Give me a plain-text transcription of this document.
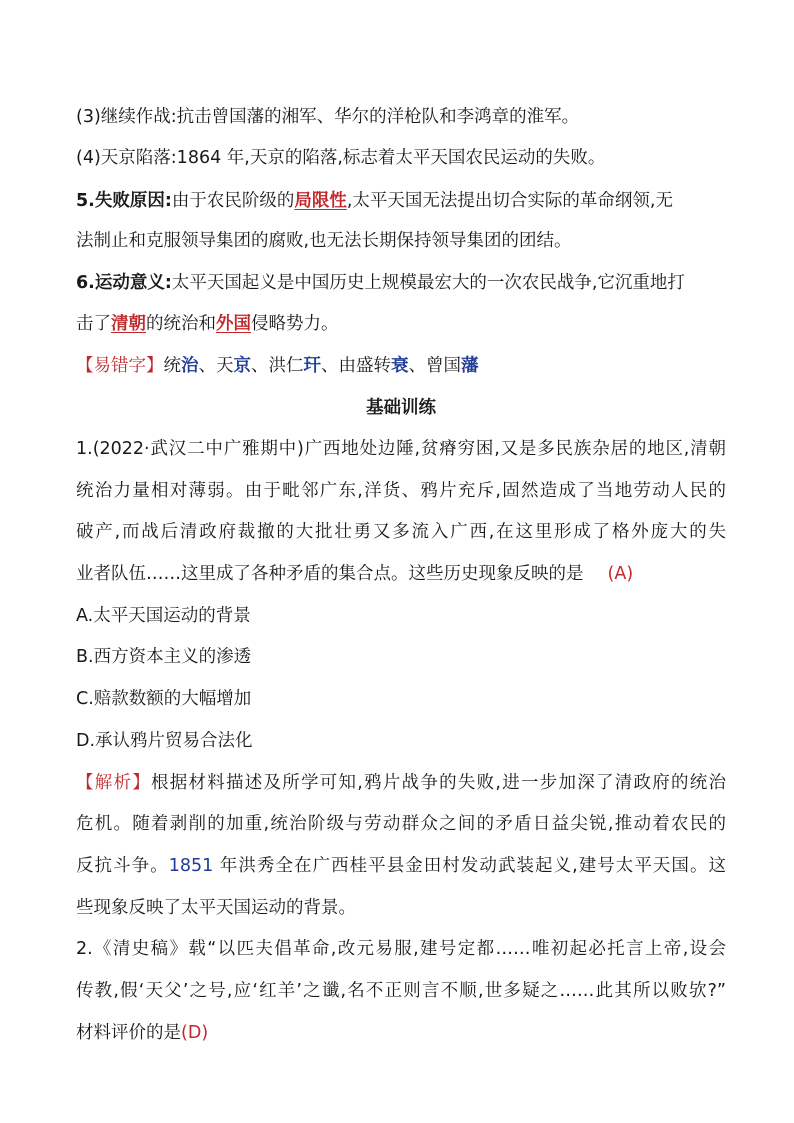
(3)继续作战:抗击曾国藩的湘军、华尔的洋枪队和李鸿章的淮军。
(4)天京陷落:1864 年,天京的陷落,标志着太平天国农民运动的失败。
5.失败原因:由于农民阶级的局限性,太平天国无法提出切合实际的革命纲领,无
法制止和克服领导集团的腐败,也无法长期保持领导集团的团结。
6.运动意义:太平天国起义是中国历史上规模最宏大的一次农民战争,它沉重地打
击了清朝的统治和外国侵略势力。
【易错字】统治、天京、洪仁玕、由盛转衰、曾国藩
基础训练
1.(2022·武汉二中广雅期中)广西地处边陲,贫瘠穷困,又是多民族杂居的地区,清朝
统治力量相对薄弱。由于毗邻广东,洋货、鸦片充斥,固然造成了当地劳动人民的
破产,而战后清政府裁撤的大批壮勇又多流入广西,在这里形成了格外庞大的失
业者队伍……这里成了各种矛盾的集合点。这些历史现象反映的是 (A)
A.太平天国运动的背景
B.西方资本主义的渗透
C.赔款数额的大幅增加
D.承认鸦片贸易合法化
【解析】根据材料描述及所学可知,鸦片战争的失败,进一步加深了清政府的统治
危机。随着剥削的加重,统治阶级与劳动群众之间的矛盾日益尖锐,推动着农民的
反抗斗争。1851 年洪秀全在广西桂平县金田村发动武装起义,建号太平天国。这
些现象反映了太平天国运动的背景。
2.《清史稿》载“以匹夫倡革命,改元易服,建号定都……唯初起必托言上帝,设会
传教,假‘天父’之号,应‘红羊’之谶,名不正则言不顺,世多疑之……此其所以败欤?”
材料评价的是(D)
